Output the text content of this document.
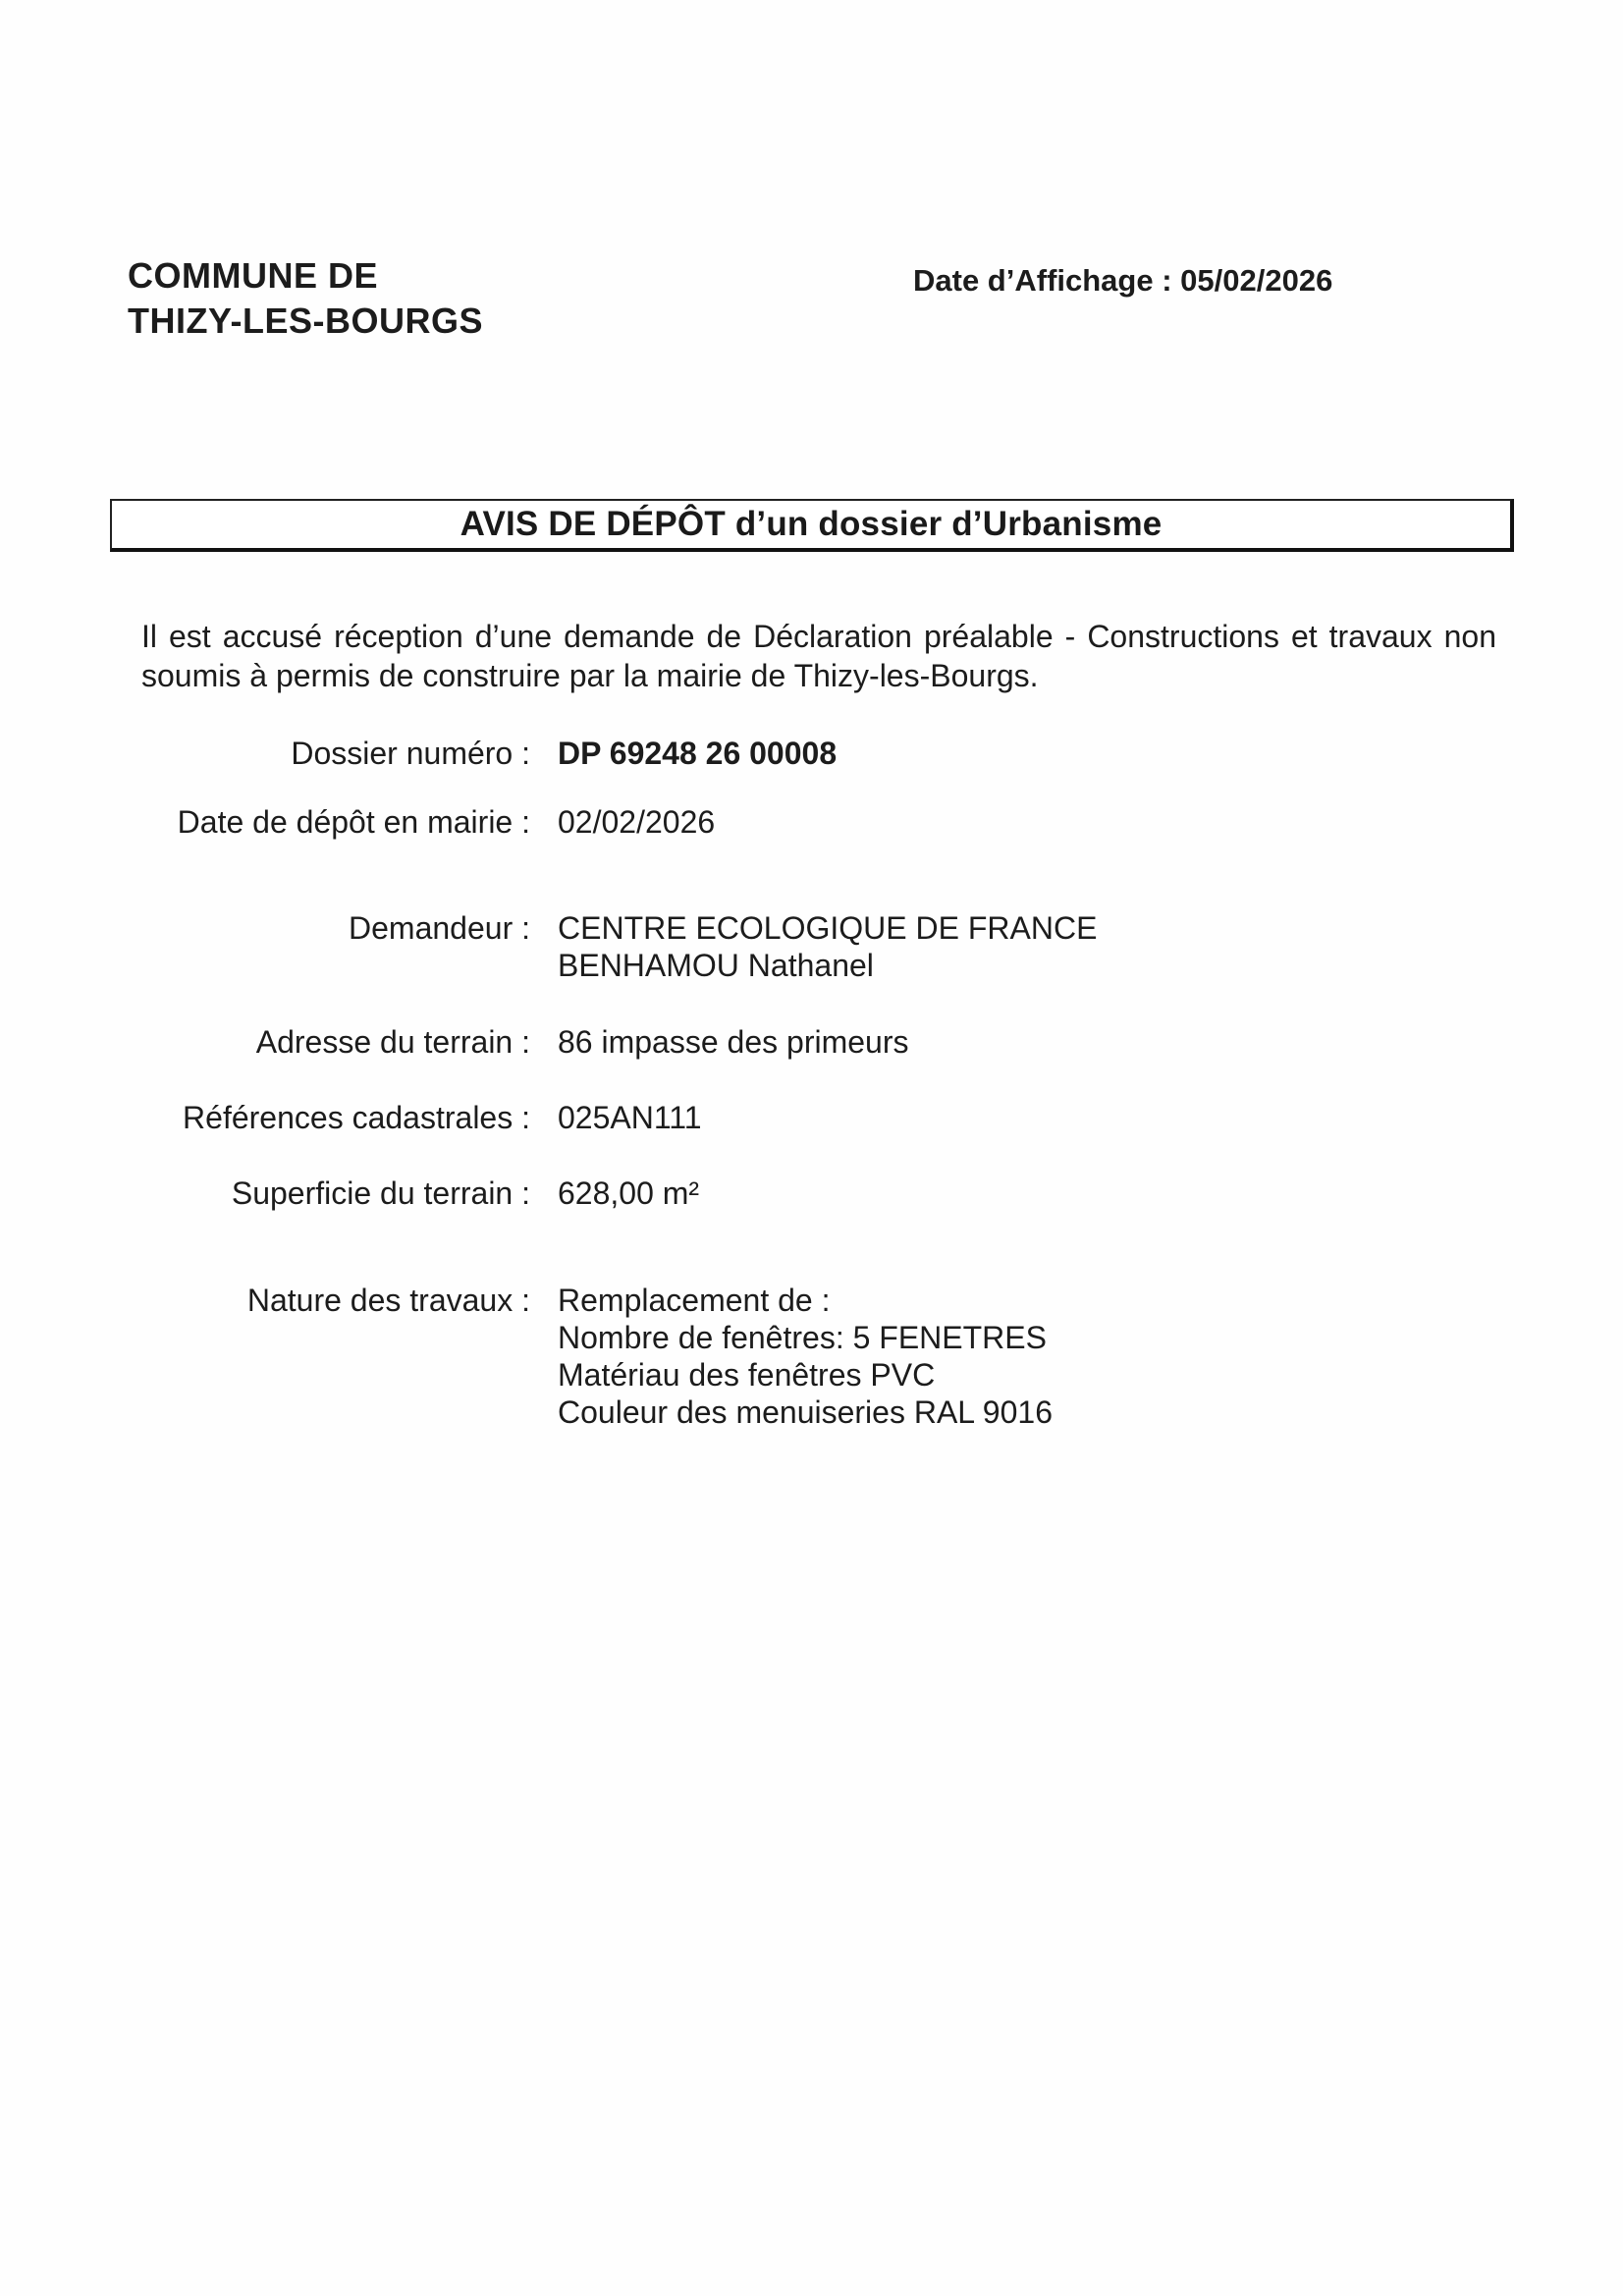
COMMUNE DE
THIZY-LES-BOURGS
Date d’Affichage : 05/02/2026
AVIS DE DÉPÔT d’un dossier d’Urbanisme
Il est accusé réception d’une demande de Déclaration préalable - Constructions et travaux non soumis à permis de construire par la mairie de Thizy-les-Bourgs.
Dossier numéro : DP 69248 26 00008
Date de dépôt en mairie : 02/02/2026
Demandeur : CENTRE ECOLOGIQUE DE FRANCE
BENHAMOU Nathanel
Adresse du terrain : 86 impasse des primeurs
Références cadastrales : 025AN111
Superficie du terrain : 628,00 m²
Nature des travaux : Remplacement de :
Nombre de fenêtres: 5 FENETRES
Matériau des fenêtres PVC
Couleur des menuiseries RAL 9016
